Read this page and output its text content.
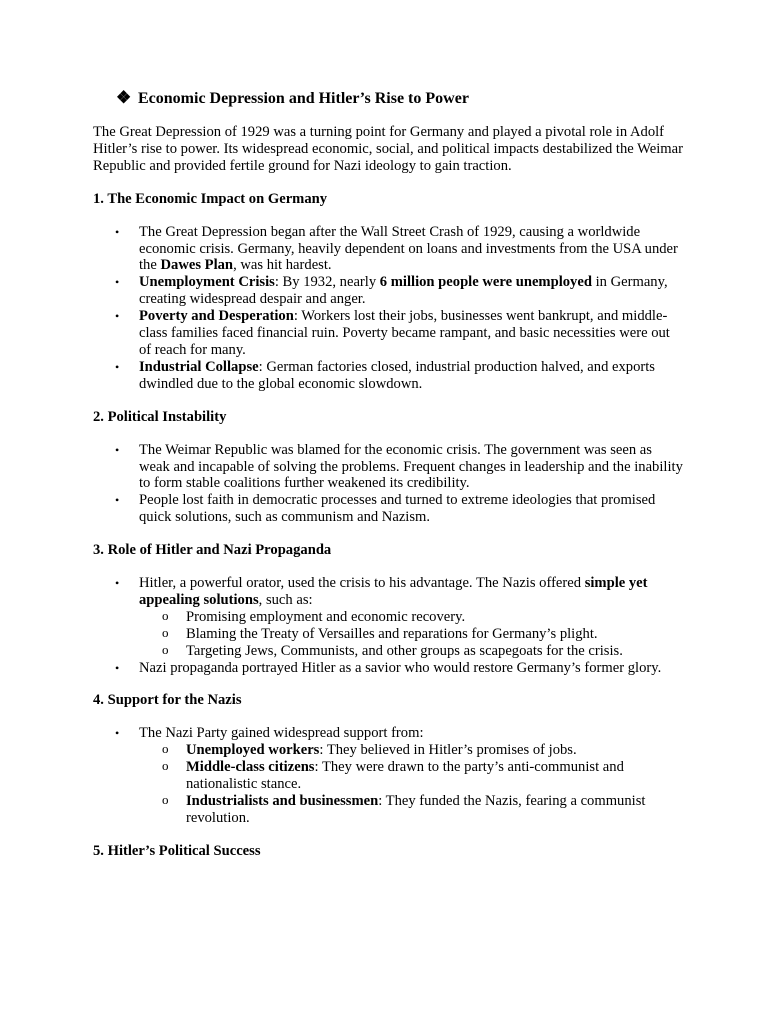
❖ Economic Depression and Hitler’s Rise to Power

The Great Depression of 1929 was a turning point for Germany and played a pivotal role in Adolf Hitler’s rise to power. Its widespread economic, social, and political impacts destabilized the Weimar Republic and provided fertile ground for Nazi ideology to gain traction.

1. The Economic Impact on Germany

•	The Great Depression began after the Wall Street Crash of 1929, causing a worldwide economic crisis. Germany, heavily dependent on loans and investments from the USA under the Dawes Plan, was hit hardest.
•	Unemployment Crisis: By 1932, nearly 6 million people were unemployed in Germany, creating widespread despair and anger.
•	Poverty and Desperation: Workers lost their jobs, businesses went bankrupt, and middle-class families faced financial ruin. Poverty became rampant, and basic necessities were out of reach for many.
•	Industrial Collapse: German factories closed, industrial production halved, and exports dwindled due to the global economic slowdown.

2. Political Instability

•	The Weimar Republic was blamed for the economic crisis. The government was seen as weak and incapable of solving the problems. Frequent changes in leadership and the inability to form stable coalitions further weakened its credibility.
•	People lost faith in democratic processes and turned to extreme ideologies that promised quick solutions, such as communism and Nazism.

3. Role of Hitler and Nazi Propaganda

•	Hitler, a powerful orator, used the crisis to his advantage. The Nazis offered simple yet appealing solutions, such as:
o Promising employment and economic recovery.
o Blaming the Treaty of Versailles and reparations for Germany’s plight.
o Targeting Jews, Communists, and other groups as scapegoats for the crisis.
•	Nazi propaganda portrayed Hitler as a savior who would restore Germany’s former glory.

4. Support for the Nazis

•	The Nazi Party gained widespread support from:
o Unemployed workers: They believed in Hitler’s promises of jobs.
o Middle-class citizens: They were drawn to the party’s anti-communist and nationalistic stance.
o Industrialists and businessmen: They funded the Nazis, fearing a communist revolution.

5. Hitler’s Political Success
